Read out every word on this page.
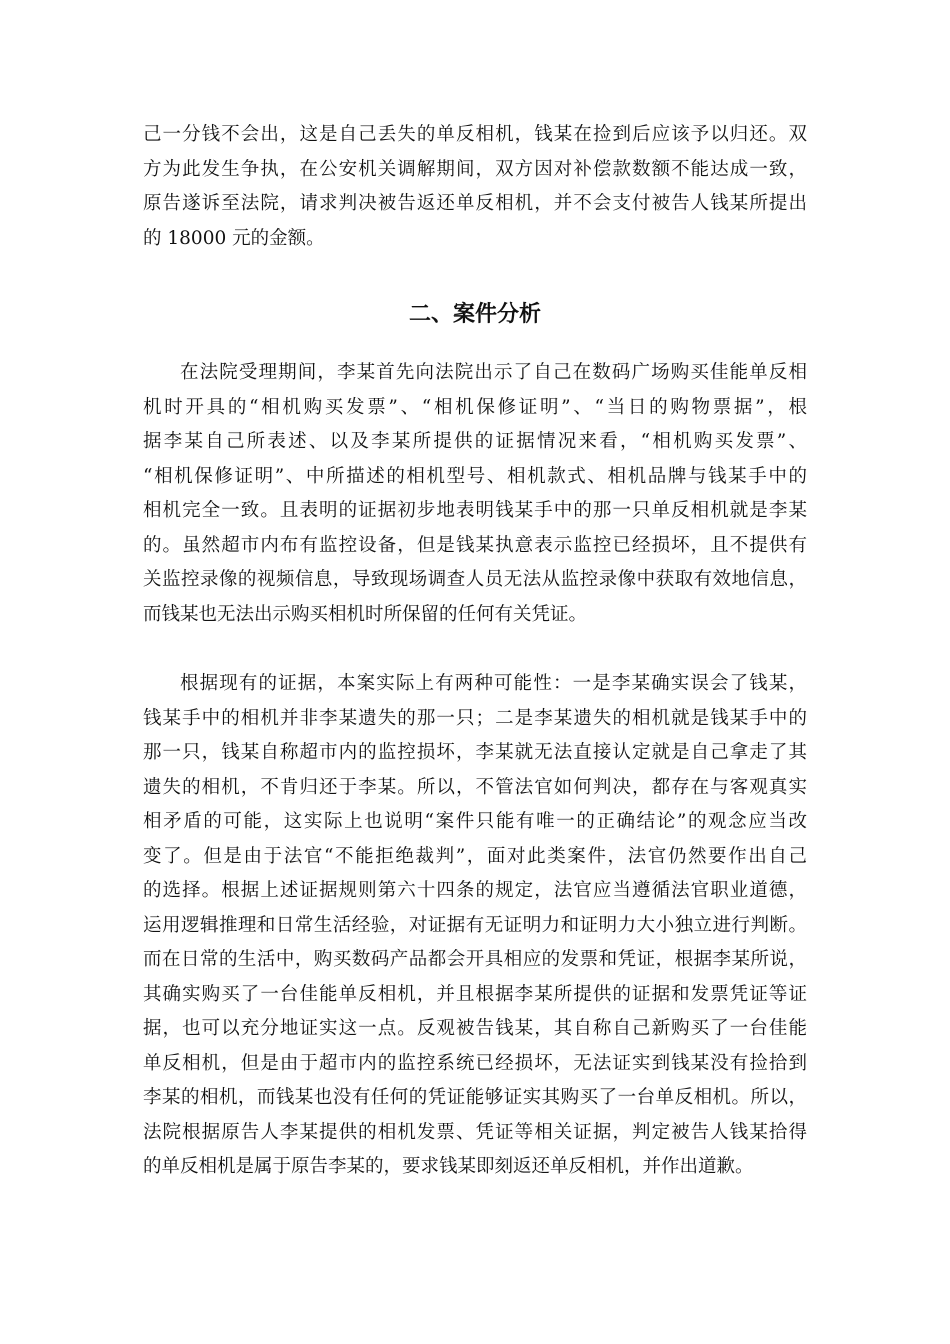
己一分钱不会出，这是自己丢失的单反相机，钱某在捡到后应该予以归还。双
方为此发生争执，在公安机关调解期间，双方因对补偿款数额不能达成一致，
原告遂诉至法院，请求判决被告返还单反相机，并不会支付被告人钱某所提出
的 18000 元的金额。
二、案件分析
在法院受理期间，李某首先向法院出示了自己在数码广场购买佳能单反相
机时开具的“相机购买发票”、“相机保修证明”、“当日的购物票据”，根
据李某自己所表述、以及李某所提供的证据情况来看，“相机购买发票”、
“相机保修证明”、中所描述的相机型号、相机款式、相机品牌与钱某手中的
相机完全一致。且表明的证据初步地表明钱某手中的那一只单反相机就是李某
的。虽然超市内布有监控设备，但是钱某执意表示监控已经损坏，且不提供有
关监控录像的视频信息，导致现场调查人员无法从监控录像中获取有效地信息，
而钱某也无法出示购买相机时所保留的任何有关凭证。
根据现有的证据，本案实际上有两种可能性：一是李某确实误会了钱某，
钱某手中的相机并非李某遗失的那一只；二是李某遗失的相机就是钱某手中的
那一只，钱某自称超市内的监控损坏，李某就无法直接认定就是自己拿走了其
遗失的相机，不肯归还于李某。所以，不管法官如何判决，都存在与客观真实
相矛盾的可能，这实际上也说明“案件只能有唯一的正确结论”的观念应当改
变了。但是由于法官“不能拒绝裁判”，面对此类案件，法官仍然要作出自己
的选择。根据上述证据规则第六十四条的规定，法官应当遵循法官职业道德，
运用逻辑推理和日常生活经验，对证据有无证明力和证明力大小独立进行判断。
而在日常的生活中，购买数码产品都会开具相应的发票和凭证，根据李某所说，
其确实购买了一台佳能单反相机，并且根据李某所提供的证据和发票凭证等证
据，也可以充分地证实这一点。反观被告钱某，其自称自己新购买了一台佳能
单反相机，但是由于超市内的监控系统已经损坏，无法证实到钱某没有捡拾到
李某的相机，而钱某也没有任何的凭证能够证实其购买了一台单反相机。所以，
法院根据原告人李某提供的相机发票、凭证等相关证据，判定被告人钱某拾得
的单反相机是属于原告李某的，要求钱某即刻返还单反相机，并作出道歉。
